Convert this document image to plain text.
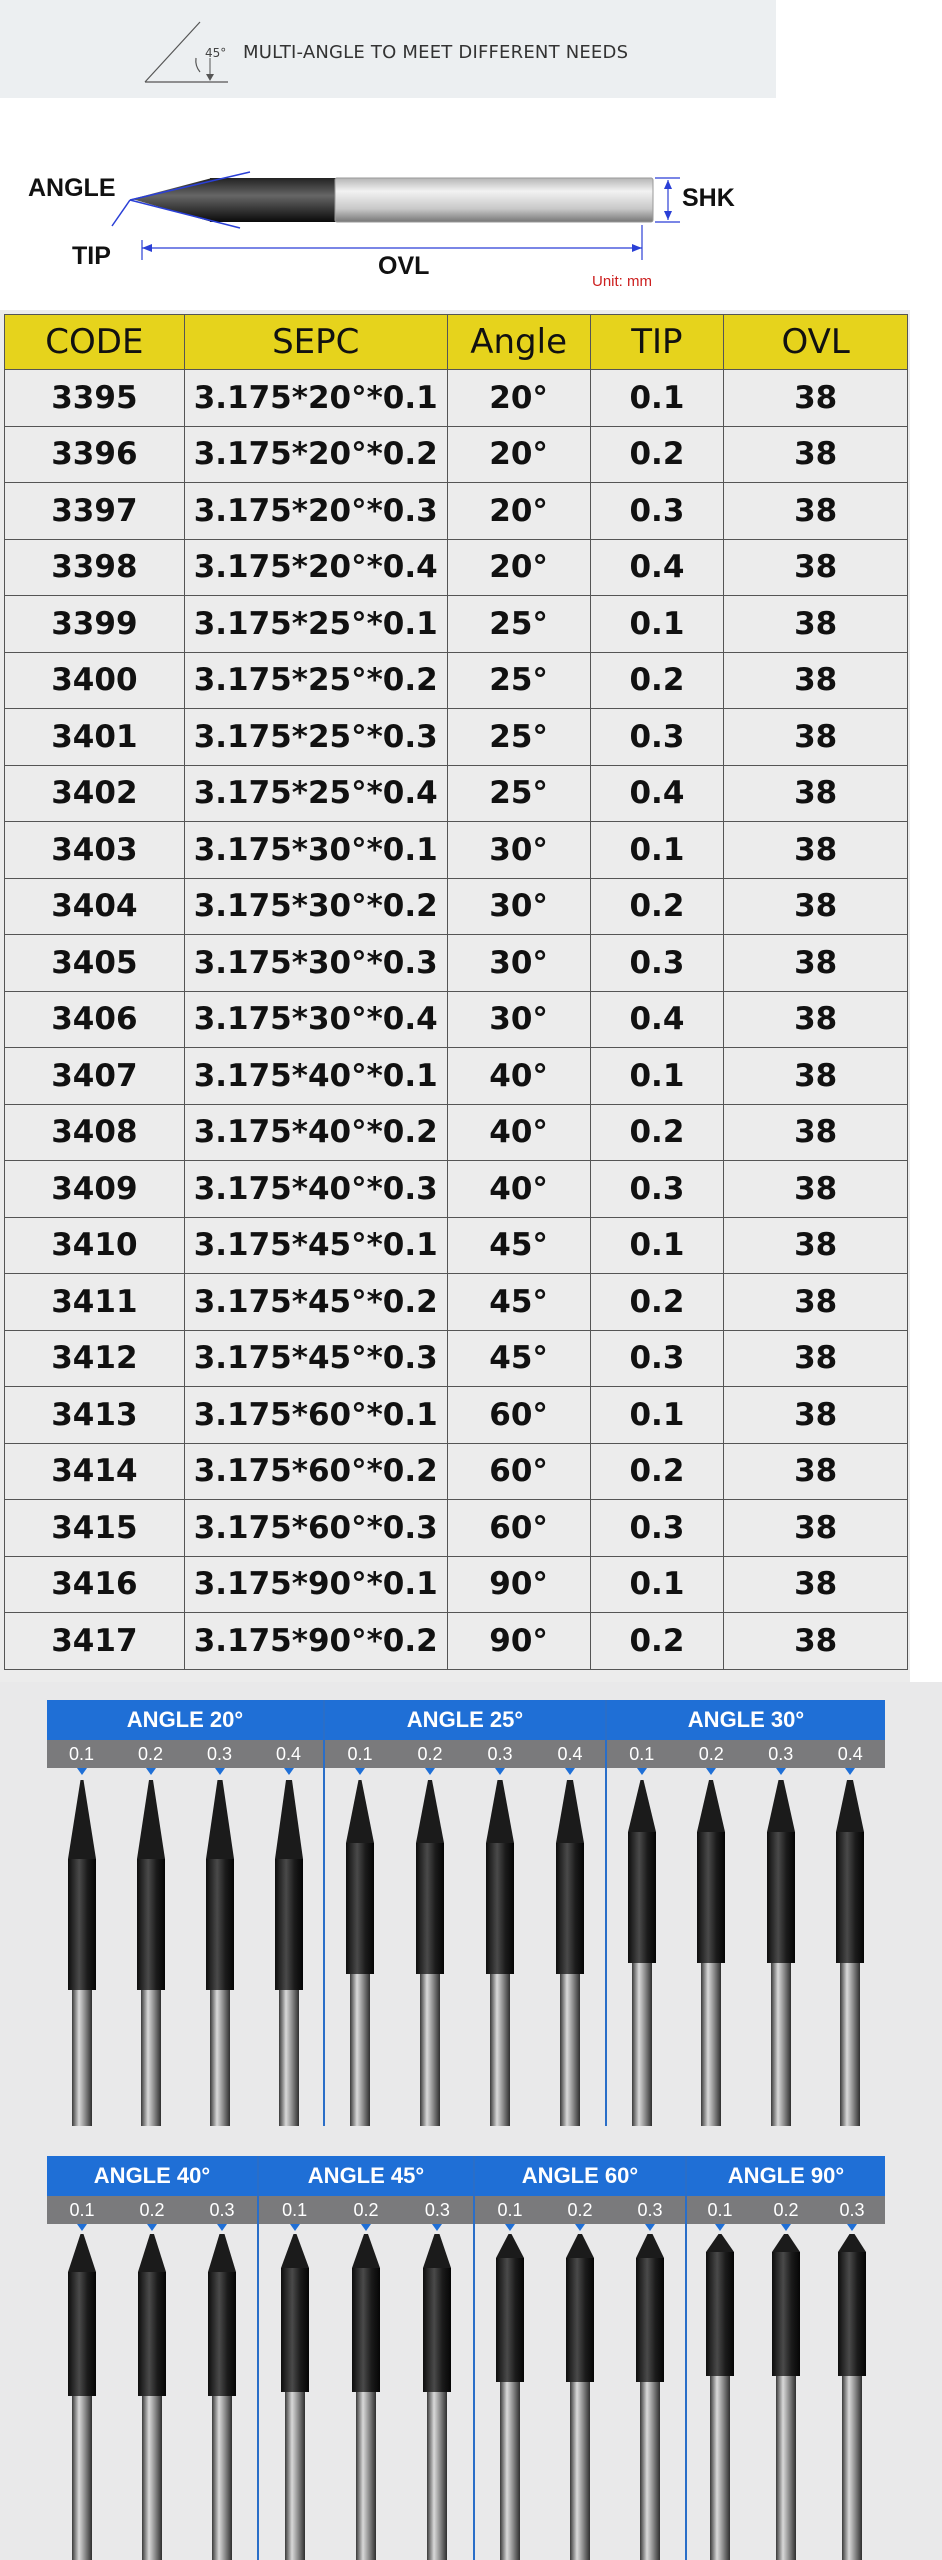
45° MULTI-ANGLE TO MEET DIFFERENT NEEDS
ANGLE
TIP	OVL
SHK
Unit: mm
CODE	SEPC	Angle	TIP	OVL
3395	3.175*20°*0.1	20°	0.1	38
3396	3.175*20°*0.2	20°	0.2	38
3397	3.175*20°*0.3	20°	0.3	38
3398	3.175*20°*0.4	20°	0.4	38
3399	3.175*25°*0.1	25°	0.1	38
3400	3.175*25°*0.2	25°	0.2	38
3401	3.175*25°*0.3	25°	0.3	38
3402	3.175*25°*0.4	25°	0.4	38
3403	3.175*30°*0.1	30°	0.1	38
3404	3.175*30°*0.2	30°	0.2	38
3405	3.175*30°*0.3	30°	0.3	38
3406	3.175*30°*0.4	30°	0.4	38
3407	3.175*40°*0.1	40°	0.1	38
3408	3.175*40°*0.2	40°	0.2	38
3409	3.175*40°*0.3	40°	0.3	38
3410	3.175*45°*0.1	45°	0.1	38
3411	3.175*45°*0.2	45°	0.2	38
3412	3.175*45°*0.3	45°	0.3	38
3413	3.175*60°*0.1	60°	0.1	38
3414	3.175*60°*0.2	60°	0.2	38
3415	3.175*60°*0.3	60°	0.3	38
3416	3.175*90°*0.1	90°	0.1	38
3417	3.175*90°*0.2	90°	0.2	38
ANGLE 20°	ANGLE 25°	ANGLE 30°
0.1	0.2	0.3	0.4	0.1	0.2	0.3	0.4	0.1	0.2	0.3	0.4
ANGLE 40°	ANGLE 45°	ANGLE 60°	ANGLE 90°
0.1	0.2	0.3	0.1	0.2	0.3	0.1	0.2	0.3	0.1	0.2	0.3
